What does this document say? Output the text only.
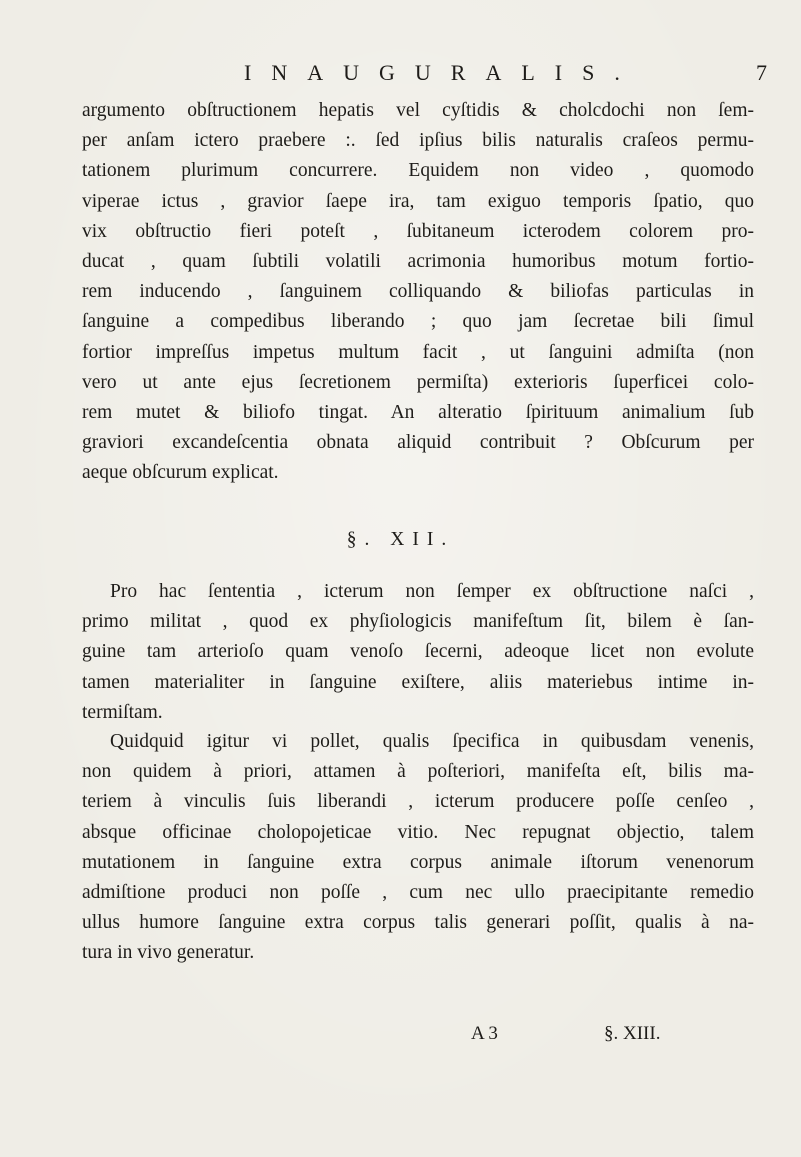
INAUGURALIS.	7
argumento obſtructionem hepatis vel cyſtidis & cholcdochi non ſem-
per anſam ictero praebere :. ſed ipſius bilis naturalis craſeos permu-
tationem plurimum concurrere. Equidem non video , quomodo
viperae ictus , gravior ſaepe ira, tam exiguo temporis ſpatio, quo
vix obſtructio fieri poteſt , ſubitaneum icterodem colorem pro-
ducat , quam ſubtili volatili acrimonia humoribus motum fortio-
rem inducendo , ſanguinem colliquando & biliofas particulas in
ſanguine a compedibus liberando ; quo jam ſecretae bili ſimul
fortior impreſſus impetus multum facit , ut ſanguini admiſta (non
vero ut ante ejus ſecretionem permiſta) exterioris ſuperficei colo-
rem mutet & biliofo tingat. An alteratio ſpirituum animalium ſub
graviori excandeſcentia obnata aliquid contribuit ? Obſcurum per
aeque obſcurum explicat.
§. XII.
Pro hac ſententia , icterum non ſemper ex obſtructione naſci ,
primo militat , quod ex phyſiologicis manifeſtum ſit, bilem è ſan-
guine tam arterioſo quam venoſo ſecerni, adeoque licet non evolute
tamen materialiter in ſanguine exiſtere, aliis materiebus intime in-
termiſtam.
Quidquid igitur vi pollet, qualis ſpecifica in quibusdam venenis,
non quidem à priori, attamen à poſteriori, manifeſta eſt, bilis ma-
teriem à vinculis ſuis liberandi , icterum producere poſſe cenſeo ,
absque officinae cholopojeticae vitio. Nec repugnat objectio, talem
mutationem in ſanguine extra corpus animale iſtorum venenorum
admiſtione produci non poſſe , cum nec ullo praecipitante remedio
ullus humore ſanguine extra corpus talis generari poſſit, qualis à na-
tura in vivo generatur.
A 3	§. XIII.
